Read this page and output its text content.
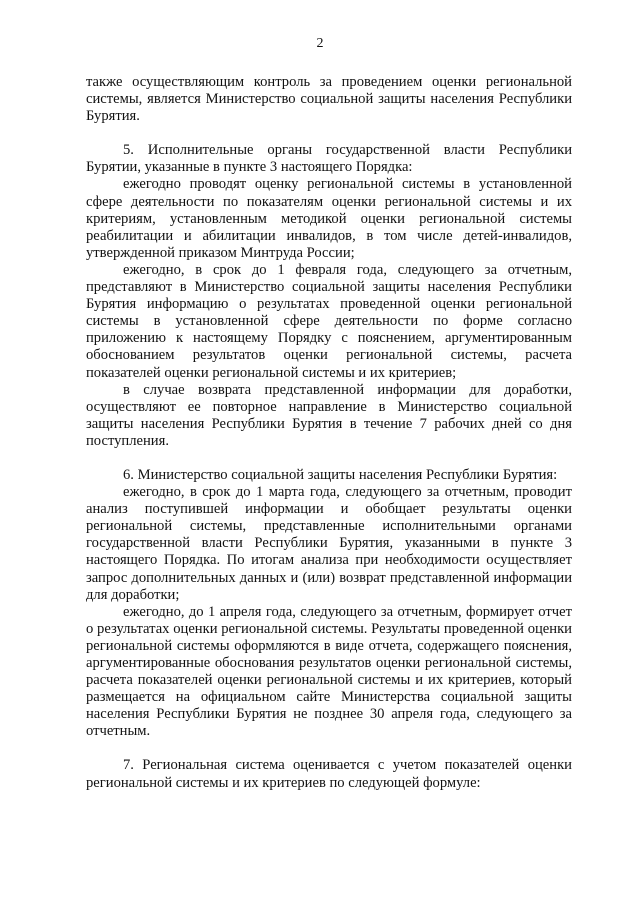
2

также осуществляющим контроль за проведением оценки региональной системы, является Министерство социальной защиты населения Республики Бурятия.

5. Исполнительные органы государственной власти Республики Бурятии, указанные в пункте 3 настоящего Порядка:

ежегодно проводят оценку региональной системы в установленной сфере деятельности по показателям оценки региональной системы и их критериям, установленным методикой оценки региональной системы реабилитации и абилитации инвалидов, в том числе детей-инвалидов, утвержденной приказом Минтруда России;

ежегодно, в срок до 1 февраля года, следующего за отчетным, представляют в Министерство социальной защиты населения Республики Бурятия информацию о результатах проведенной оценки региональной системы в установленной сфере деятельности по форме согласно приложению к настоящему Порядку с пояснением, аргументированным обоснованием результатов оценки региональной системы, расчета показателей оценки региональной системы и их критериев;

в случае возврата представленной информации для доработки, осуществляют ее повторное направление в Министерство социальной защиты населения Республики Бурятия в течение 7 рабочих дней со дня поступления.

6. Министерство социальной защиты населения Республики Бурятия:

ежегодно, в срок до 1 марта года, следующего за отчетным, проводит анализ поступившей информации и обобщает результаты оценки региональной системы, представленные исполнительными органами государственной власти Республики Бурятия, указанными в пункте 3 настоящего Порядка. По итогам анализа при необходимости осуществляет запрос дополнительных данных и (или) возврат представленной информации для доработки;

ежегодно, до 1 апреля года, следующего за отчетным, формирует отчет о результатах оценки региональной системы. Результаты проведенной оценки региональной системы оформляются в виде отчета, содержащего пояснения, аргументированные обоснования результатов оценки региональной системы, расчета показателей оценки региональной системы и их критериев, который размещается на официальном сайте Министерства социальной защиты населения Республики Бурятия не позднее 30 апреля года, следующего за отчетным.

7. Региональная система оценивается с учетом показателей оценки региональной системы и их критериев по следующей формуле:
